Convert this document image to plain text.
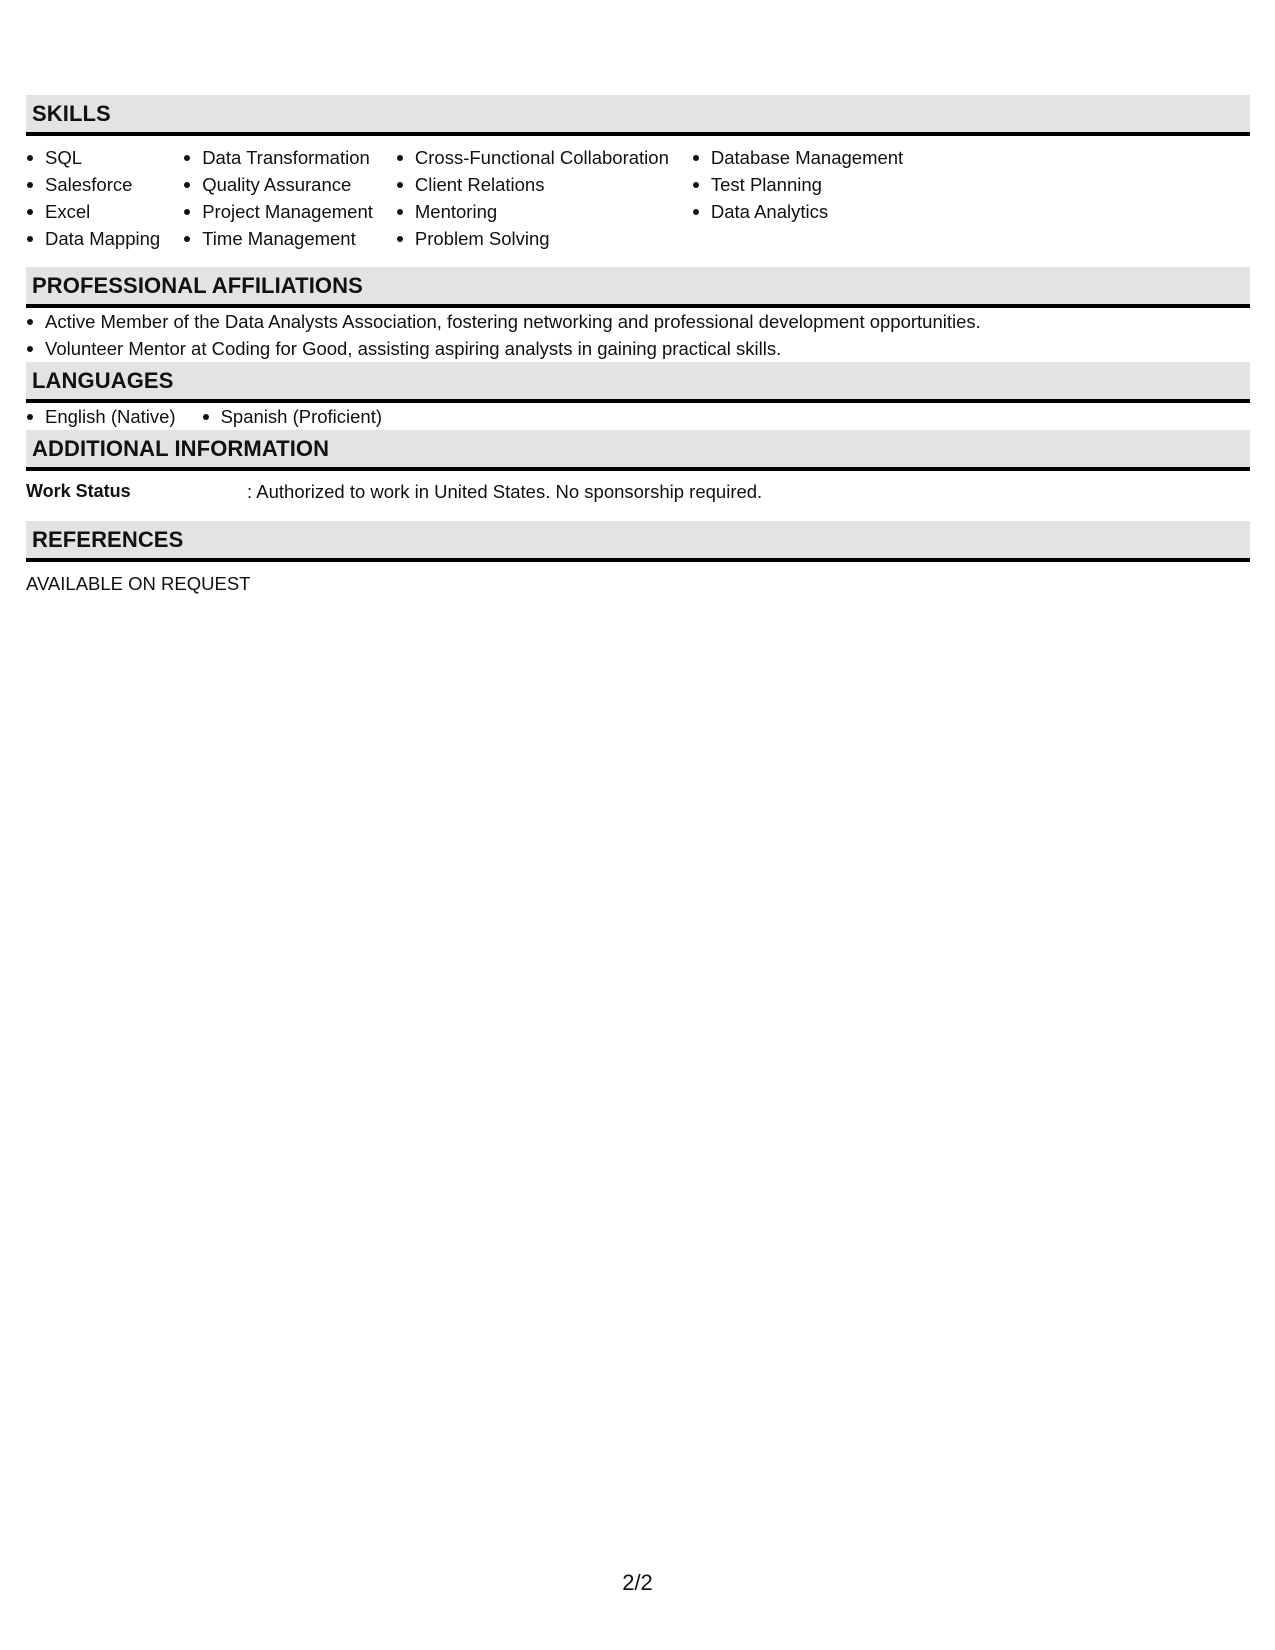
SKILLS
SQL
Salesforce
Excel
Data Mapping
Data Transformation
Quality Assurance
Project Management
Time Management
Cross-Functional Collaboration
Client Relations
Mentoring
Problem Solving
Database Management
Test Planning
Data Analytics
PROFESSIONAL AFFILIATIONS
Active Member of the Data Analysts Association, fostering networking and professional development opportunities.
Volunteer Mentor at Coding for Good, assisting aspiring analysts in gaining practical skills.
LANGUAGES
English (Native)	Spanish (Proficient)
ADDITIONAL INFORMATION
Work Status	: Authorized to work in United States. No sponsorship required.
REFERENCES
AVAILABLE ON REQUEST
2/2
